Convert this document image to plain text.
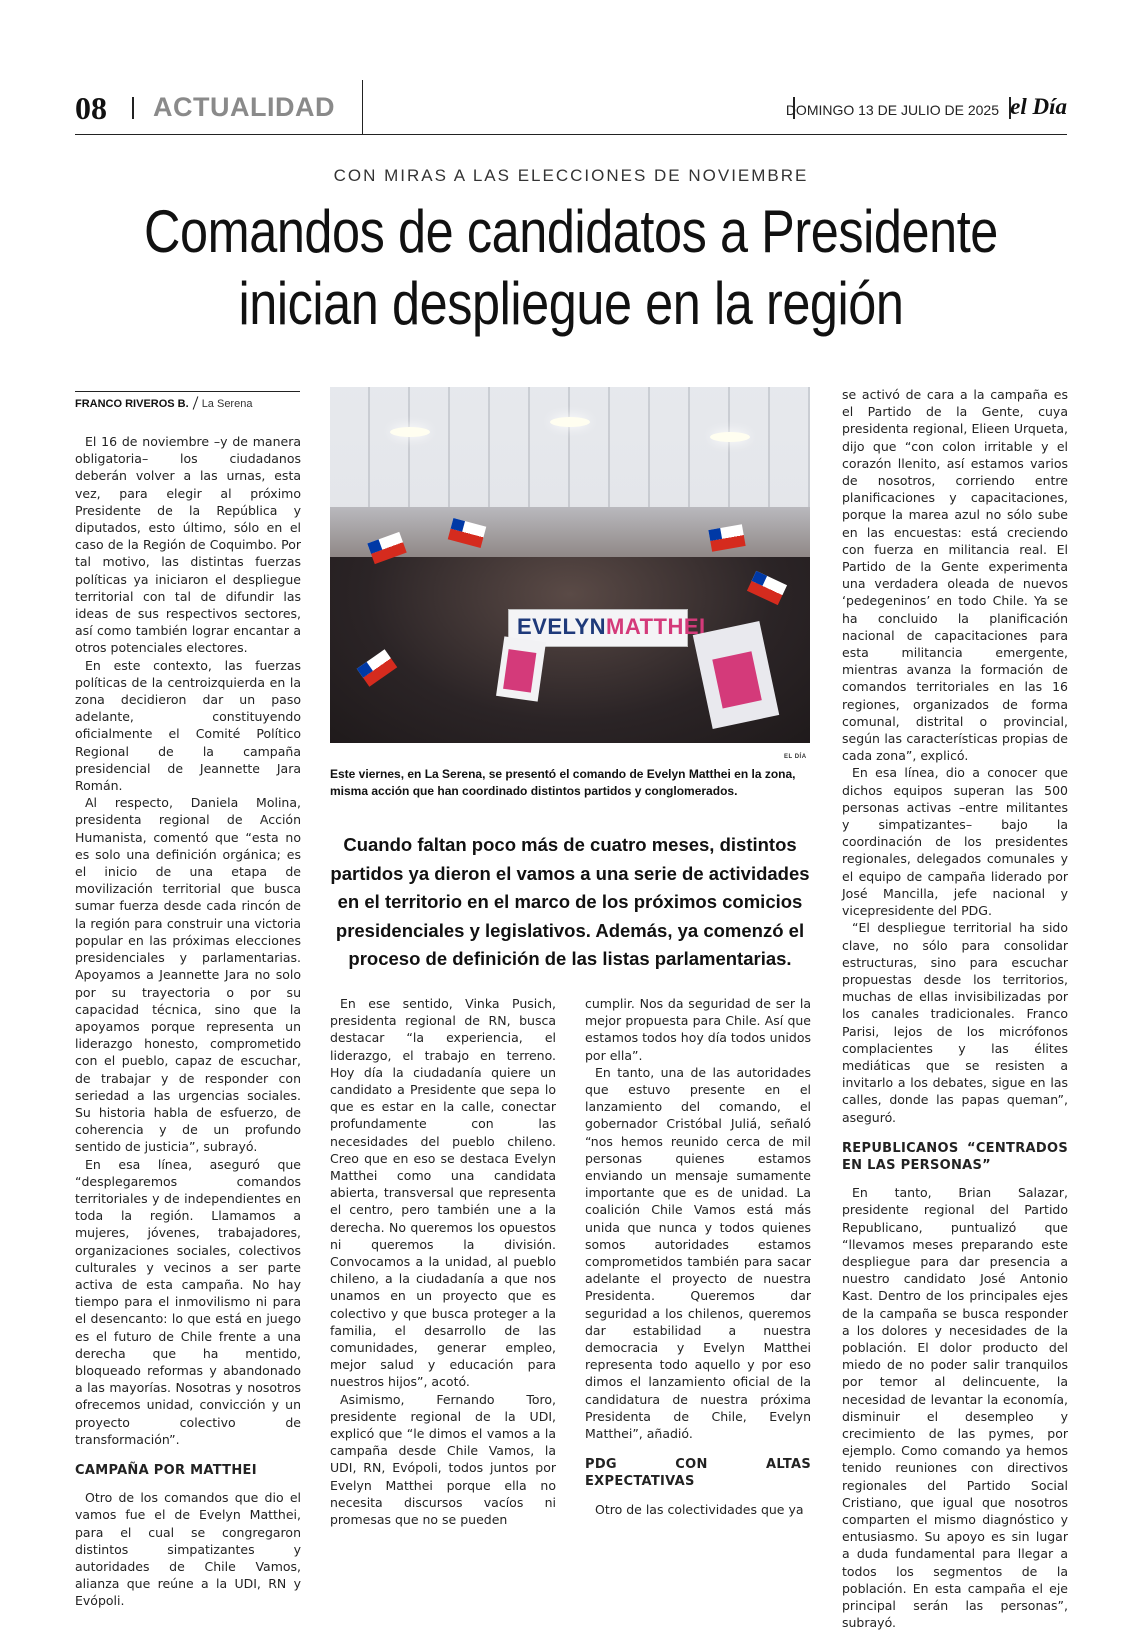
08 ACTUALIDAD	DOMINGO 13 DE JULIO DE 2025 el Día
CON MIRAS A LAS ELECCIONES DE NOVIEMBRE
Comandos de candidatos a Presidente
inician despliegue en la región
FRANCO RIVEROS B. La Serena

El 16 de noviembre –y de manera obligatoria– los ciudadanos deberán volver a las urnas, esta vez, para elegir al próximo Presidente de la República y diputados, esto último, sólo en el caso de la Región de Coquimbo. Por tal motivo, las distintas fuerzas políticas ya iniciaron el despliegue territorial con tal de difundir las ideas de sus respectivos sectores, así como también lograr encantar a otros potenciales electores.

En este contexto, las fuerzas políticas de la centroizquierda en la zona decidieron dar un paso adelante, constituyendo oficialmente el Comité Político Regional de la campaña presidencial de Jeannette Jara Román.

Al respecto, Daniela Molina, presidenta regional de Acción Humanista, comentó que “esta no es solo una definición orgánica; es el inicio de una etapa de movilización territorial que busca sumar fuerza desde cada rincón de la región para construir una victoria popular en las próximas elecciones presidenciales y parlamentarias. Apoyamos a Jeannette Jara no solo por su trayectoria o por su capacidad técnica, sino que la apoyamos porque representa un liderazgo honesto, comprometido con el pueblo, capaz de escuchar, de trabajar y de responder con seriedad a las urgencias sociales. Su historia habla de esfuerzo, de coherencia y de un profundo sentido de justicia”, subrayó.

En esa línea, aseguró que “desplegaremos comandos territoriales y de independientes en toda la región. Llamamos a mujeres, jóvenes, trabajadores, organizaciones sociales, colectivos culturales y vecinos a ser parte activa de esta campaña. No hay tiempo para el inmovilismo ni para el desencanto: lo que está en juego es el futuro de Chile frente a una derecha que ha mentido, bloqueado reformas y abandonado a las mayorías. Nosotras y nosotros ofrecemos unidad, convicción y un proyecto colectivo de transformación”.

CAMPAÑA POR MATTHEI

Otro de los comandos que dio el vamos fue el de Evelyn Matthei, para el cual se congregaron distintos simpatizantes y autoridades de Chile Vamos, alianza que reúne a la UDI, RN y Evópoli.

EVELYNMATTHEI
EL DÍA
Este viernes, en La Serena, se presentó el comando de Evelyn Matthei en la zona, misma acción que han coordinado distintos partidos y conglomerados.
Cuando faltan poco más de cuatro meses, distintos partidos ya dieron el vamos a una serie de actividades en el territorio en el marco de los próximos comicios presidenciales y legislativos. Además, ya comenzó el proceso de definición de las listas parlamentarias.

En ese sentido, Vinka Pusich, presidenta regional de RN, busca destacar “la experiencia, el liderazgo, el trabajo en terreno. Hoy día la ciudadanía quiere un candidato a Presidente que sepa lo que es estar en la calle, conectar profundamente con las necesidades del pueblo chileno. Creo que en eso se destaca Evelyn Matthei como una candidata abierta, transversal que representa el centro, pero también une a la derecha. No queremos los opuestos ni queremos la división. Convocamos a la unidad, al pueblo chileno, a la ciudadanía a que nos unamos en un proyecto que es colectivo y que busca proteger a la familia, el desarrollo de las comunidades, generar empleo, mejor salud y educación para nuestros hijos”, acotó.

Asimismo, Fernando Toro, presidente regional de la UDI, explicó que “le dimos el vamos a la campaña desde Chile Vamos, la UDI, RN, Evópoli, todos juntos por Evelyn Matthei porque ella no necesita discursos vacíos ni promesas que no se pueden

cumplir. Nos da seguridad de ser la mejor propuesta para Chile. Así que estamos todos hoy día todos unidos por ella”.

En tanto, una de las autoridades que estuvo presente en el lanzamiento del comando, el gobernador Cristóbal Juliá, señaló “nos hemos reunido cerca de mil personas quienes estamos enviando un mensaje sumamente importante que es de unidad. La coalición Chile Vamos está más unida que nunca y todos quienes somos autoridades estamos comprometidos también para sacar adelante el proyecto de nuestra Presidenta. Queremos dar seguridad a los chilenos, queremos dar estabilidad a nuestra democracia y Evelyn Matthei representa todo aquello y por eso dimos el lanzamiento oficial de la candidatura de nuestra próxima Presidenta de Chile, Evelyn Matthei”, añadió.

PDG CON ALTAS EXPECTATIVAS

Otro de las colectividades que ya

se activó de cara a la campaña es el Partido de la Gente, cuya presidenta regional, Elieen Urqueta, dijo que “con colon irritable y el corazón llenito, así estamos varios de nosotros, corriendo entre planificaciones y capacitaciones, porque la marea azul no sólo sube en las encuestas: está creciendo con fuerza en militancia real. El Partido de la Gente experimenta una verdadera oleada de nuevos ‘pedegeninos’ en todo Chile. Ya se ha concluido la planificación nacional de capacitaciones para esta militancia emergente, mientras avanza la formación de comandos territoriales en las 16 regiones, organizados de forma comunal, distrital o provincial, según las características propias de cada zona”, explicó.

En esa línea, dio a conocer que dichos equipos superan las 500 personas activas –entre militantes y simpatizantes– bajo la coordinación de los presidentes regionales, delegados comunales y el equipo de campaña liderado por José Mancilla, jefe nacional y vicepresidente del PDG.

“El despliegue territorial ha sido clave, no sólo para consolidar estructuras, sino para escuchar propuestas desde los territorios, muchas de ellas invisibilizadas por los canales tradicionales. Franco Parisi, lejos de los micrófonos complacientes y las élites mediáticas que se resisten a invitarlo a los debates, sigue en las calles, donde las papas queman”, aseguró.

REPUBLICANOS “CENTRADOS EN LAS PERSONAS”

En tanto, Brian Salazar, presidente regional del Partido Republicano, puntualizó que “llevamos meses preparando este despliegue para dar presencia a nuestro candidato José Antonio Kast. Dentro de los principales ejes de la campaña se busca responder a los dolores y necesidades de la población. El dolor producto del miedo de no poder salir tranquilos por temor al delincuente, la necesidad de levantar la economía, disminuir el desempleo y crecimiento de las pymes, por ejemplo. Como comando ya hemos tenido reuniones con directivos regionales del Partido Social Cristiano, que igual que nosotros comparten el mismo diagnóstico y entusiasmo. Su apoyo es sin lugar a duda fundamental para llegar a todos los segmentos de la población. En esta campaña el eje principal serán las personas”, subrayó.
